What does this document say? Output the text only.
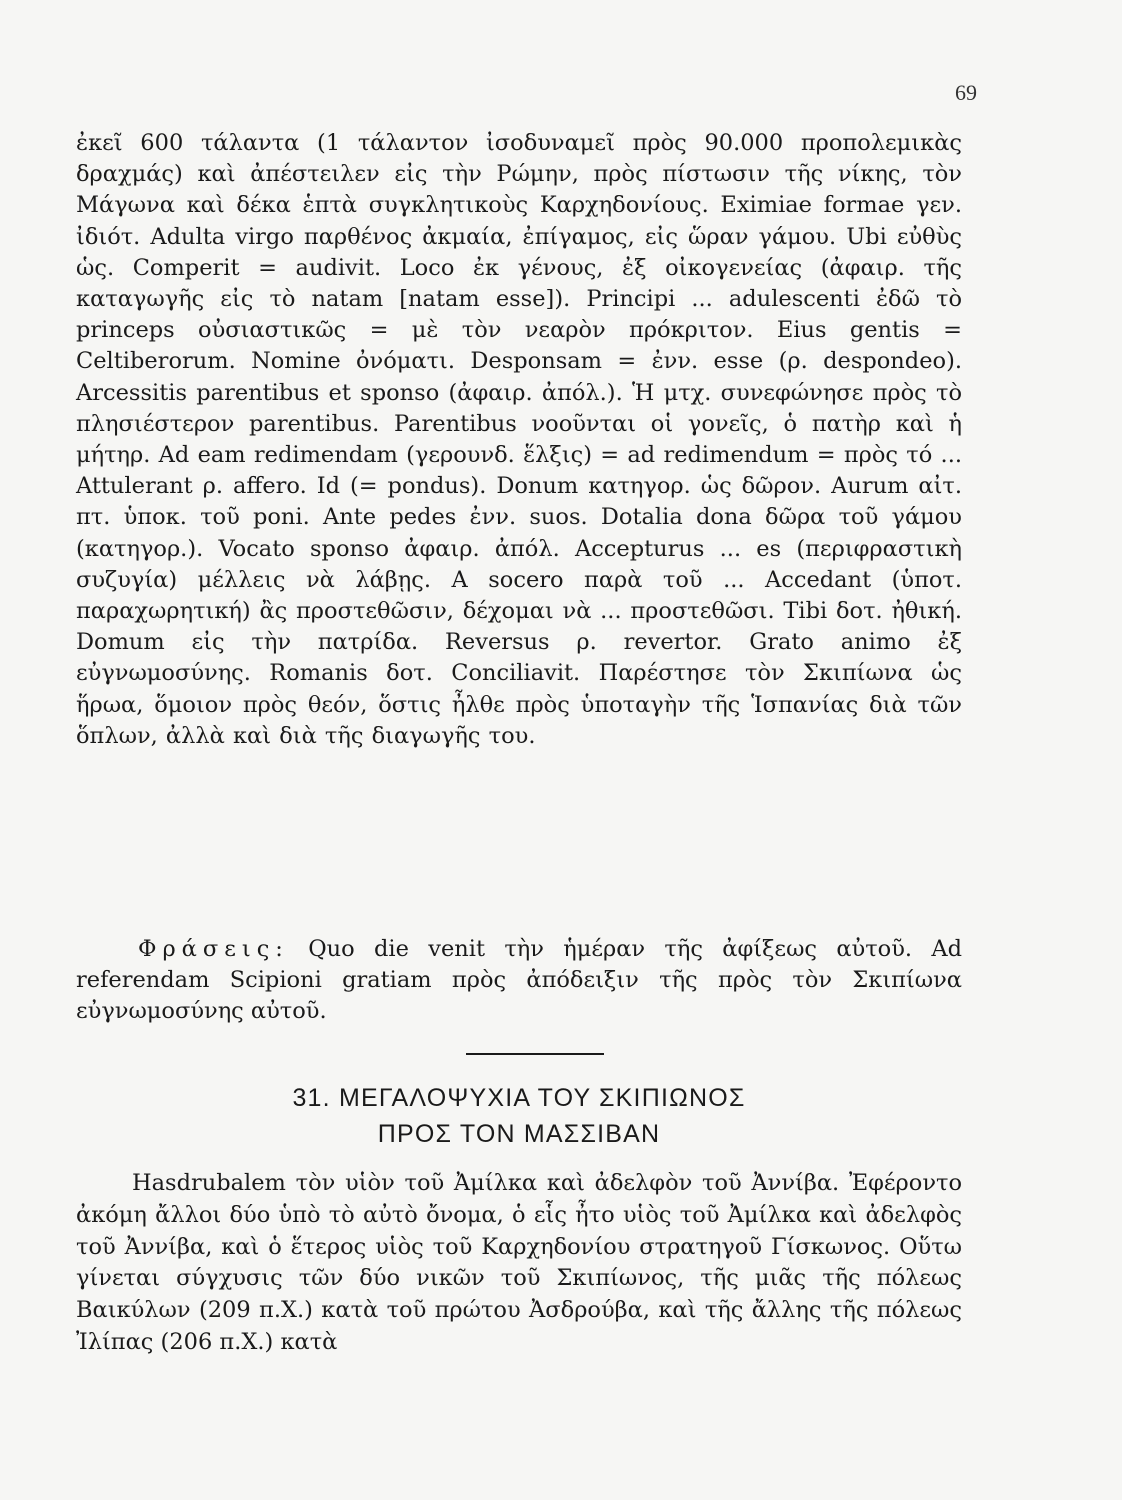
69

ἐκεῖ 600 τάλαντα (1 τάλαντον ἰσοδυναμεῖ πρὸς 90.000 προπολεμικὰς δραχμάς) καὶ ἀπέστειλεν εἰς τὴν Ρώμην, πρὸς πίστωσιν τῆς νίκης, τὸν Μάγωνα καὶ δέκα ἑπτὰ συγκλητικοὺς Καρχηδονίους. Eximiae formae γεν. ἰδιότ. Adulta virgo παρθένος ἀκμαία, ἐπίγαμος, εἰς ὥραν γάμου. Ubi εὐθὺς ὡς. Comperit = audivit. Loco ἐκ γένους, ἐξ οἰκογενείας (ἀφαιρ. τῆς καταγωγῆς εἰς τὸ natam [natam esse]). Principi ... adulescenti ἐδῶ τὸ princeps οὐσιαστικῶς = μὲ τὸν νεαρὸν πρόκριτον. Eius gentis = Celtiberorum. Nomine ὀνόματι. Desponsam = ἐνν. esse (ρ. despondeo). Arcessitis parentibus et sponso (ἀφαιρ. ἀπόλ.). Ἡ μτχ. συνεφώνησε πρὸς τὸ πλησιέστερον parentibus. Parentibus νοοῦνται οἱ γονεῖς, ὁ πατὴρ καὶ ἡ μήτηρ. Ad eam redimendam (γερουνδ. ἕλξις) = ad redimendum = πρὸς τό ... Attulerant ρ. affero. Id (= pondus). Donum κατηγορ. ὡς δῶρον. Aurum αἰτ. πτ. ὑποκ. τοῦ poni. Ante pedes ἐνν. suos. Dotalia dona δῶρα τοῦ γάμου (κατηγορ.). Vocato sponso ἀφαιρ. ἀπόλ. Accepturus ... es (περιφραστικὴ συζυγία) μέλλεις νὰ λάβῃς. A socero παρὰ τοῦ ... Accedant (ὑποτ. παραχωρητική) ἂς προστεθῶσιν, δέχομαι νὰ ... προστεθῶσι. Tibi δοτ. ἠθική. Domum εἰς τὴν πατρίδα. Reversus ρ. revertor. Grato animo ἐξ εὐγνωμοσύνης. Romanis δοτ. Conciliavit. Παρέστησε τὸν Σκιπίωνα ὡς ἥρωα, ὅμοιον πρὸς θεόν, ὅστις ἦλθε πρὸς ὑποταγὴν τῆς Ἱσπανίας διὰ τῶν ὅπλων, ἀλλὰ καὶ διὰ τῆς διαγωγῆς του.

Φράσεις: Quo die venit τὴν ἡμέραν τῆς ἀφίξεως αὐτοῦ. Ad referendam Scipioni gratiam πρὸς ἀπόδειξιν τῆς πρὸς τὸν Σκιπίωνα εὐγνωμοσύνης αὐτοῦ.

31. ΜΕΓΑΛΟΨΥΧΙΑ ΤΟΥ ΣΚΙΠΙΩΝΟΣ
ΠΡΟΣ ΤΟΝ ΜΑΣΣΙΒΑΝ

Hasdrubalem τὸν υἱὸν τοῦ Ἀμίλκα καὶ ἀδελφὸν τοῦ Ἀννίβα. Ἐφέροντο ἀκόμη ἄλλοι δύο ὑπὸ τὸ αὐτὸ ὄνομα, ὁ εἷς ἦτο υἱὸς τοῦ Ἀμίλκα καὶ ἀδελφὸς τοῦ Ἀννίβα, καὶ ὁ ἕτερος υἱὸς τοῦ Καρχηδονίου στρατηγοῦ Γίσκωνος. Οὕτω γίνεται σύγχυσις τῶν δύο νικῶν τοῦ Σκιπίωνος, τῆς μιᾶς τῆς πόλεως Βαικύλων (209 π.Χ.) κατὰ τοῦ πρώτου Ἀσδρούβα, καὶ τῆς ἄλλης τῆς πόλεως Ἰλίπας (206 π.Χ.) κατὰ
